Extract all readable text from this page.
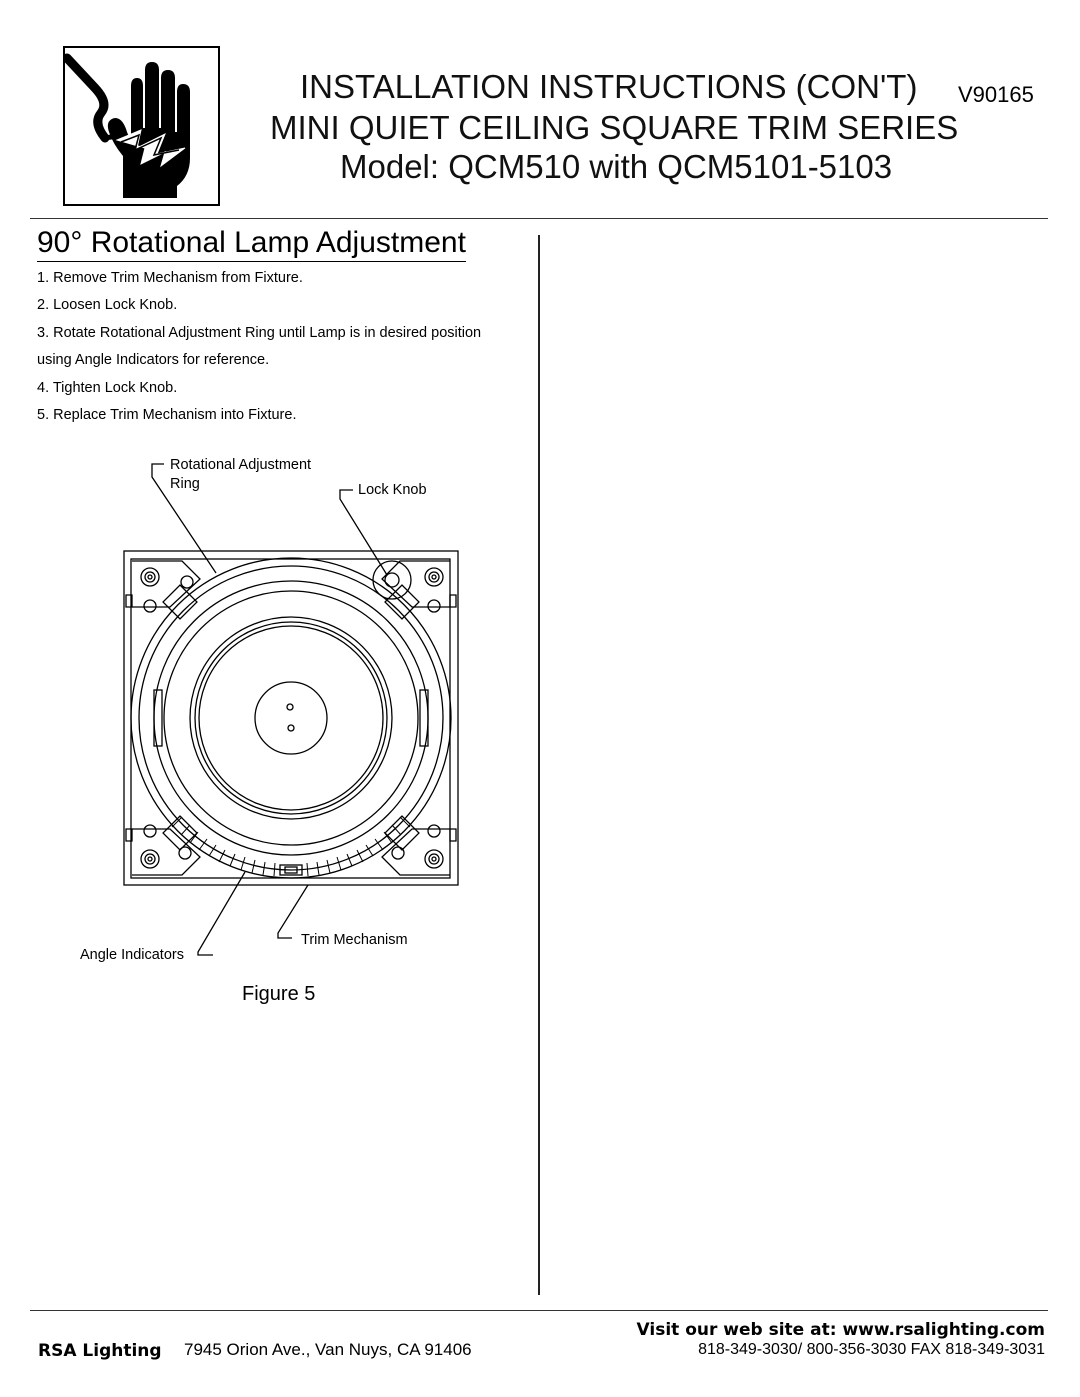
INSTALLATION INSTRUCTIONS (CON'T) V90165
MINI QUIET CEILING SQUARE TRIM SERIES
Model: QCM510 with QCM5101-5103
90° Rotational Lamp Adjustment
1. Remove Trim Mechanism from Fixture.
2. Loosen Lock Knob.
3. Rotate Rotational Adjustment Ring until Lamp is in desired position
using Angle Indicators for reference.
4. Tighten Lock Knob.
5. Replace Trim Mechanism into Fixture.
Rotational Adjustment
Ring	Lock Knob
Angle Indicators
Trim Mechanism
Figure 5
Visit our web site at: www.rsalighting.com
RSA Lighting 7945 Orion Ave., Van Nuys, CA 91406	818-349-3030/ 800-356-3030 FAX 818-349-3031
